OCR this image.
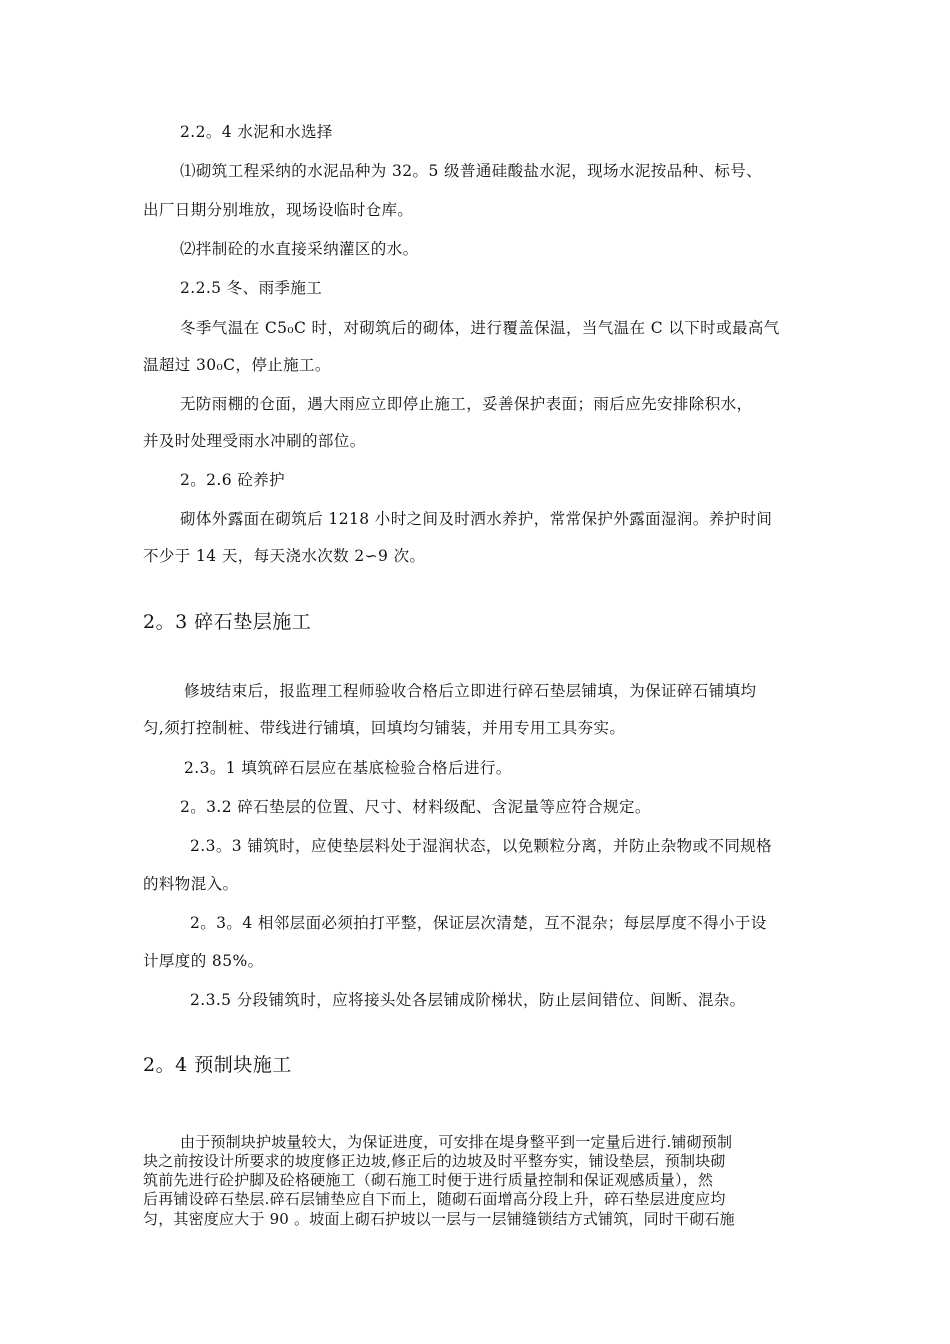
2.2。4 水泥和水选择
⑴砌筑工程采纳的水泥品种为 32。5 级普通硅酸盐水泥，现场水泥按品种、标号、
出厂日期分别堆放，现场设临时仓库。
⑵拌制砼的水直接采纳灌区的水。
2.2.5 冬、雨季施工
冬季气温在 C5₀C 时，对砌筑后的砌体，进行覆盖保温，当气温在 C 以下时或最高气
温超过 30₀C，停止施工。
无防雨棚的仓面，遇大雨应立即停止施工，妥善保护表面；雨后应先安排除积水，
并及时处理受雨水冲刷的部位。
2。2.6 砼养护
砌体外露面在砌筑后 1218 小时之间及时洒水养护，常常保护外露面湿润。养护时间
不少于 14 天，每天浇水次数 2∽9 次。
2。3 碎石垫层施工
修坡结束后，报监理工程师验收合格后立即进行碎石垫层铺填，为保证碎石铺填均
匀,须打控制桩、带线进行铺填，回填均匀铺装，并用专用工具夯实。
2.3。1 填筑碎石层应在基底检验合格后进行。
2。3.2 碎石垫层的位置、尺寸、材料级配、含泥量等应符合规定。
2.3。3 铺筑时，应使垫层料处于湿润状态，以免颗粒分离，并防止杂物或不同规格
的料物混入。
2。3。4 相邻层面必须拍打平整，保证层次清楚，互不混杂；每层厚度不得小于设
计厚度的 85%。
2.3.5 分段铺筑时，应将接头处各层铺成阶梯状，防止层间错位、间断、混杂。
2。4 预制块施工
由于预制块护坡量较大，为保证进度，可安排在堤身整平到一定量后进行.铺砌预制
块之前按设计所要求的坡度修正边坡,修正后的边坡及时平整夯实，铺设垫层，预制块砌
筑前先进行砼护脚及砼格硬施工（砌石施工时便于进行质量控制和保证观感质量），然
后再铺设碎石垫层.碎石层铺垫应自下而上，随砌石面增高分段上升，碎石垫层进度应均
匀，其密度应大于 90 。坡面上砌石护坡以一层与一层铺缝锁结方式铺筑，同时干砌石施
